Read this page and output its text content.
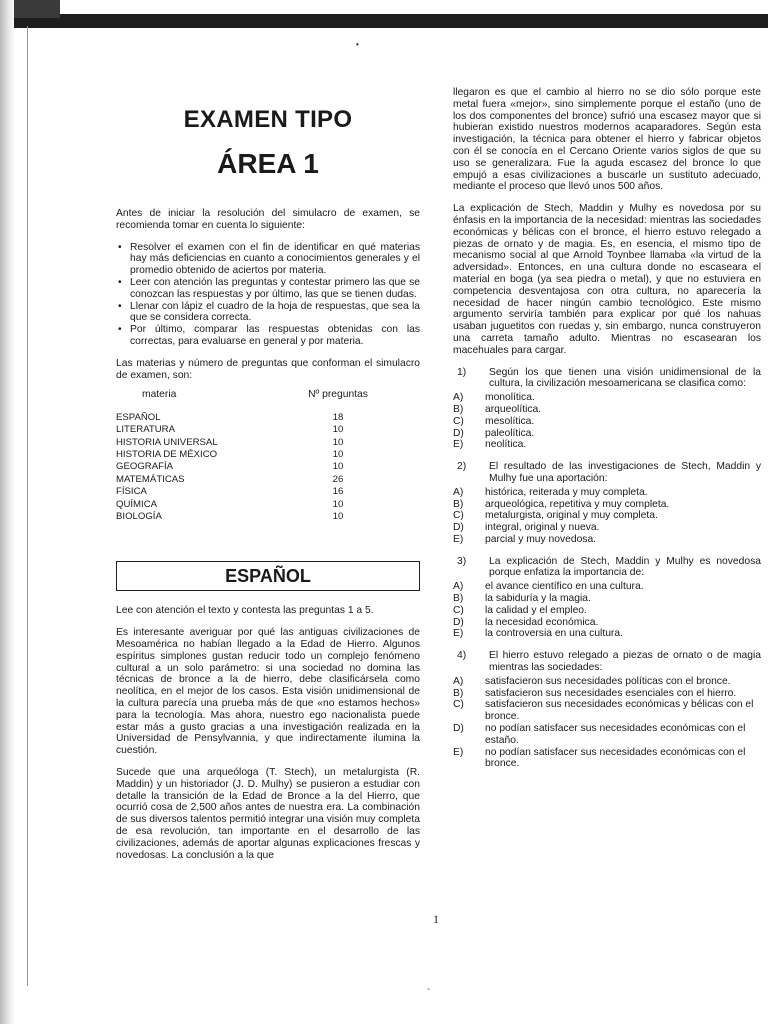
•
EXAMEN TIPO
ÁREA 1

Antes de iniciar la resolución del simulacro de examen, se recomienda tomar en cuenta lo siguiente:

• Resolver el examen con el fin de identificar en qué materias hay más deficiencias en cuanto a conocimientos generales y el promedio obtenido de aciertos por materia.
• Leer con atención las preguntas y contestar primero las que se conozcan las respuestas y por último, las que se tienen dudas.
• Llenar con lápiz el cuadro de la hoja de respuestas, que sea la que se considera correcta.
• Por último, comparar las respuestas obtenidas con las correctas, para evaluarse en general y por materia.

Las materias y número de preguntas que conforman el simulacro de examen, son:

materia	Nº preguntas
ESPAÑOL	18
LITERATURA	10
HISTORIA UNIVERSAL	10
HISTORIA DE MÉXICO	10
GEOGRAFÍA	10
MATEMÁTICAS	26
FÍSICA	16
QUÍMICA	10
BIOLOGÍA	10
ESPAÑOL

Lee con atención el texto y contesta las preguntas 1 a 5.

Es interesante averiguar por qué las antiguas civilizaciones de Mesoamérica no habían llegado a la Edad de Hierro. Algunos espíritus simplones gustan reducir todo un complejo fenómeno cultural a un solo parámetro: si una sociedad no domina las técnicas de bronce a la de hierro, debe clasificársela como neolítica, en el mejor de los casos. Esta visión unidimensional de la cultura parecía una prueba más de que «no estamos hechos» para la tecnología. Mas ahora, nuestro ego nacionalista puede estar más a gusto gracias a una investigación realizada en la Universidad de Pensylvannia, y que indirectamente ilumina la cuestión.

Sucede que una arqueóloga (T. Stech), un metalurgista (R. Maddin) y un historiador (J. D. Mulhy) se pusieron a estudiar con detalle la transición de la Edad de Bronce a la del Hierro, que ocurrió cosa de 2,500 años antes de nuestra era. La combinación de sus diversos talentos permitió integrar una visión muy completa de esa revolución, tan importante en el desarrollo de las civilizaciones, además de aportar algunas explicaciones frescas y novedosas. La conclusión a la que

llegaron es que el cambio al hierro no se dio sólo porque este metal fuera «mejor», sino simplemente porque el estaño (uno de los dos componentes del bronce) sufrió una escasez mayor que si hubieran existido nuestros modernos acaparadores. Según esta investigación, la técnica para obtener el hierro y fabricar objetos con él se conocía en el Cercano Oriente varios siglos de que su uso se generalizara. Fue la aguda escasez del bronce lo que empujó a esas civilizaciones a buscarle un sustituto adecuado, mediante el proceso que llevó unos 500 años.

La explicación de Stech, Maddin y Mulhy es novedosa por su énfasis en la importancia de la necesidad: mientras las sociedades económicas y bélicas con el bronce, el hierro estuvo relegado a piezas de ornato y de magia. Es, en esencia, el mismo tipo de mecanismo social al que Arnold Toynbee llamaba «la virtud de la adversidad». Entonces, en una cultura donde no escaseara el material en boga (ya sea piedra o metal), y que no estuviera en competencia desventajosa con otra cultura, no aparecería la necesidad de hacer ningún cambio tecnológico. Este mismo argumento serviría también para explicar por qué los nahuas usaban juguetitos con ruedas y, sin embargo, nunca construyeron una carreta tamaño adulto. Mientras no escasearan los macehuales para cargar.

1)	Según los que tienen una visión unidimensional de la cultura, la civilización mesoamericana se clasifica como:
A)	monolítica.
B)	arqueolítica.
C)	mesolítica.
D)	paleolítica.
E)	neolítica.
2)	El resultado de las investigaciones de Stech, Maddin y Mulhy fue una aportación:
A)	histórica, reiterada y muy completa.
B)	arqueológica, repetitiva y muy completa.
C)	metalurgista, original y muy completa.
D)	integral, original y nueva.
E)	parcial y muy novedosa.
3)	La explicación de Stech, Maddin y Mulhy es novedosa porque enfatiza la importancia de:
A)	el avance científico en una cultura.
B)	la sabiduría y la magia.
C)	la calidad y el empleo.
D)	la necesidad económica.
E)	la controversia en una cultura.
4)	El hierro estuvo relegado a piezas de ornato o de magia mientras las sociedades:
A)	satisfacieron sus necesidades políticas con el bronce.
B)	satisfacieron sus necesidades esenciales con el hierro.
C)	satisfacieron sus necesidades económicas y bélicas con el bronce.
D)	no podían satisfacer sus necesidades económicas con el estaño.
E)	no podían satisfacer sus necesidades económicas con el bronce.
1
`
